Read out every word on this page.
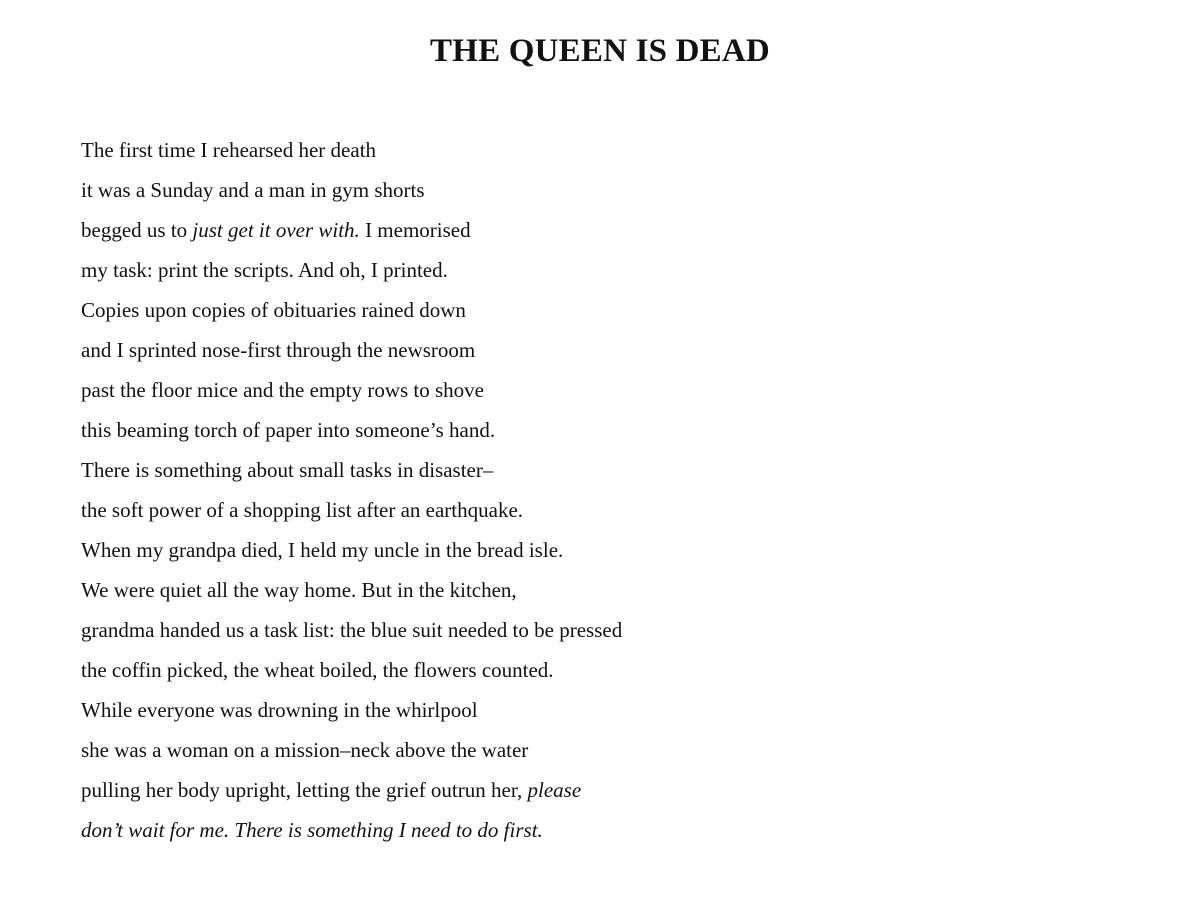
THE QUEEN IS DEAD
The first time I rehearsed her death
it was a Sunday and a man in gym shorts
begged us to just get it over with. I memorised
my task: print the scripts. And oh, I printed.
Copies upon copies of obituaries rained down
and I sprinted nose-first through the newsroom
past the floor mice and the empty rows to shove
this beaming torch of paper into someone’s hand.
There is something about small tasks in disaster–
the soft power of a shopping list after an earthquake.
When my grandpa died, I held my uncle in the bread isle.
We were quiet all the way home. But in the kitchen,
grandma handed us a task list: the blue suit needed to be pressed
the coffin picked, the wheat boiled, the flowers counted.
While everyone was drowning in the whirlpool
she was a woman on a mission–neck above the water
pulling her body upright, letting the grief outrun her, please
don’t wait for me. There is something I need to do first.
